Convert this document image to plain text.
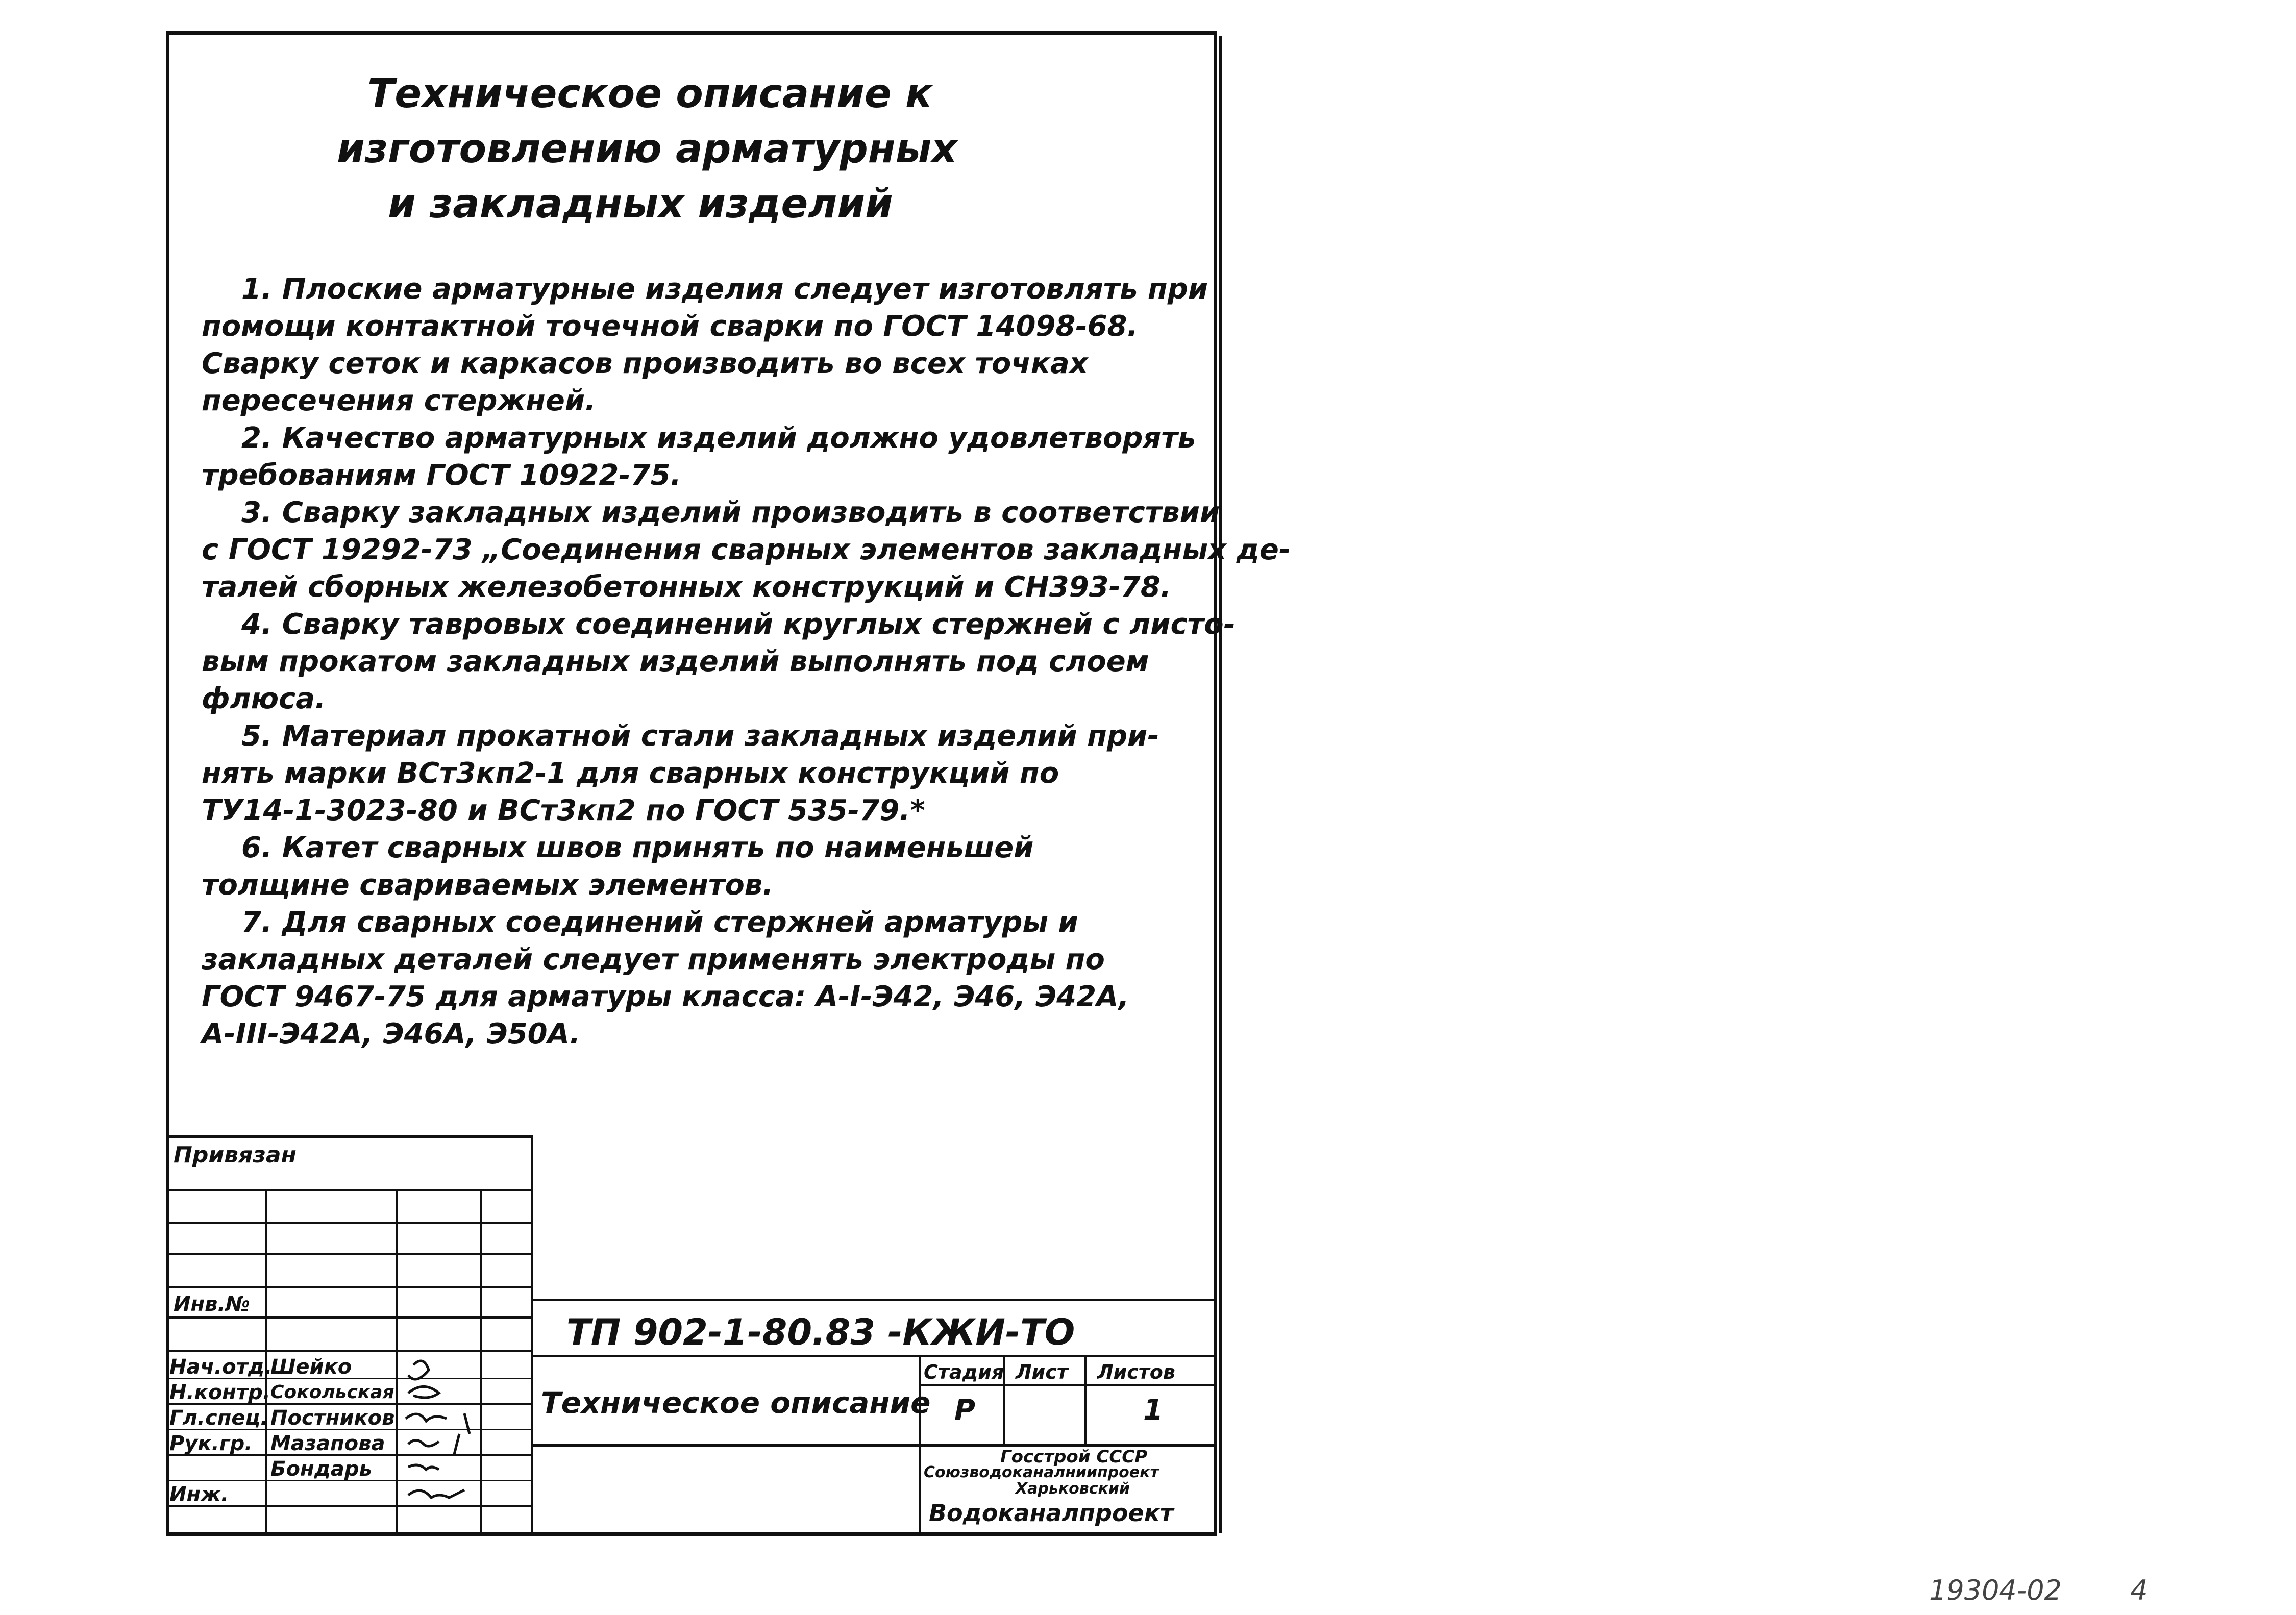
Техническое описание к
изготовлению арматурных
и закладных изделий
1. Плоские арматурные изделия следует изготовлять при
помощи контактной точечной сварки по ГОСТ 14098-68.
Сварку сеток и каркасов производить во всех точках
пересечения стержней.
2. Качество арматурных изделий должно удовлетворять
требованиям ГОСТ 10922-75.
3. Сварку закладных изделий производить в соответствии
с ГОСТ 19292-73 „Соединения сварных элементов закладных де-
талей сборных железобетонных конструкций и СН393-78.
4. Сварку тавровых соединений круглых стержней с листо-
вым прокатом закладных изделий выполнять под слоем
флюса.
5. Материал прокатной стали закладных изделий при-
нять марки ВСт3кп2-1 для сварных конструкций по
ТУ14-1-3023-80 и ВСт3кп2 по ГОСТ 535-79.*
6. Катет сварных швов принять по наименьшей
толщине свариваемых элементов.
7. Для сварных соединений стержней арматуры и
закладных деталей следует применять электроды по
ГОСТ 9467-75 для арматуры класса: А-I-Э42, Э46, Э42А,
А-III-Э42А, Э46А, Э50А.
Привязан
Инв.№
ТП 902-1-80.83 -КЖИ-ТО
Техническое описание
Стадия Лист Листов
Р	1
Госстрой СССР
Союзводоканалниипроект
Харьковский
Водоканалпроект
Нач.отд.
Шейко
Н.контр. Сокольская
Гл.спец. Постников
Рук.гр. Мазапова
Бондарь
Инж.
19304-02 4
